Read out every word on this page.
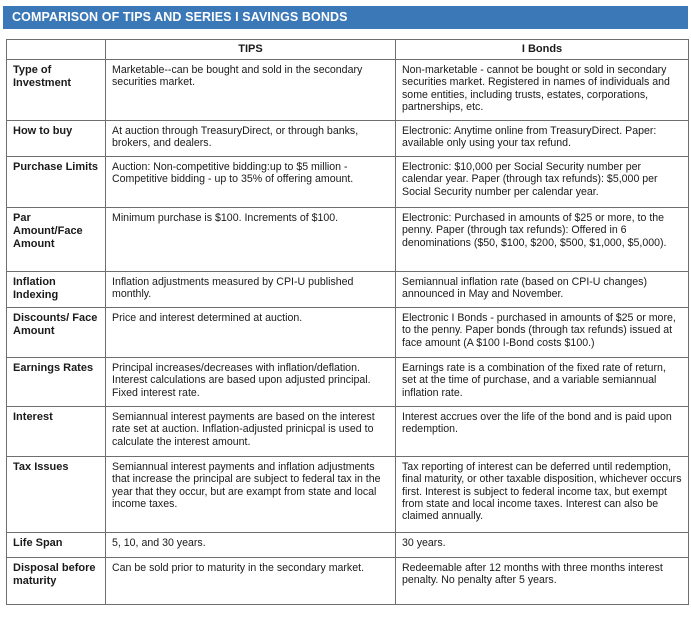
COMPARISON OF TIPS AND SERIES I SAVINGS BONDS
	TIPS	I Bonds
Type of Investment	Marketable--can be bought and sold in the secondary securities market.	Non-marketable - cannot be bought or sold in secondary securities market. Registered in names of individuals and some entities, including trusts, estates, corporations, partnerships, etc.
How to buy	At auction through TreasuryDirect, or through banks, brokers, and dealers.	Electronic: Anytime online from TreasuryDirect. Paper: available only using your tax refund.
Purchase Limits	Auction: Non-competitive bidding:up to $5 million - Competitive bidding - up to 35% of offering amount.	Electronic: $10,000 per Social Security number per calendar year. Paper (through tax refunds): $5,000 per Social Security number per calendar year.
Par Amount/Face Amount	Minimum purchase is $100. Increments of $100.	Electronic: Purchased in amounts of $25 or more, to the penny. Paper (through tax refunds): Offered in 6 denominations ($50, $100, $200, $500, $1,000, $5,000).
Inflation Indexing	Inflation adjustments measured by CPI-U published monthly.	Semiannual inflation rate (based on CPI-U changes) announced in May and November.
Discounts/ Face Amount	Price and interest determined at auction.	Electronic I Bonds - purchased in amounts of $25 or more, to the penny. Paper bonds (through tax refunds) issued at face amount (A $100 I-Bond costs $100.)
Earnings Rates	Principal increases/decreases with inflation/deflation. Interest calculations are based upon adjusted principal. Fixed interest rate.	Earnings rate is a combination of the fixed rate of return, set at the time of purchase, and a variable semiannual inflation rate.
Interest	Semiannual interest payments are based on the interest rate set at auction. Inflation-adjusted prinicpal is used to calculate the interest amount.	Interest accrues over the life of the bond and is paid upon redemption.
Tax Issues	Semiannual interest payments and inflation adjustments that increase the principal are subject to federal tax in the year that they occur, but are exampt from state and local income taxes.	Tax reporting of interest can be deferred until redemption, final maturity, or other taxable disposition, whichever occurs first. Interest is subject to federal income tax, but exempt from state and local income taxes. Interest can also be claimed annually.
Life Span	5, 10, and 30 years.	30 years.
Disposal before maturity	Can be sold prior to maturity in the secondary market.	Redeemable after 12 months with three months interest penalty. No penalty after 5 years.
